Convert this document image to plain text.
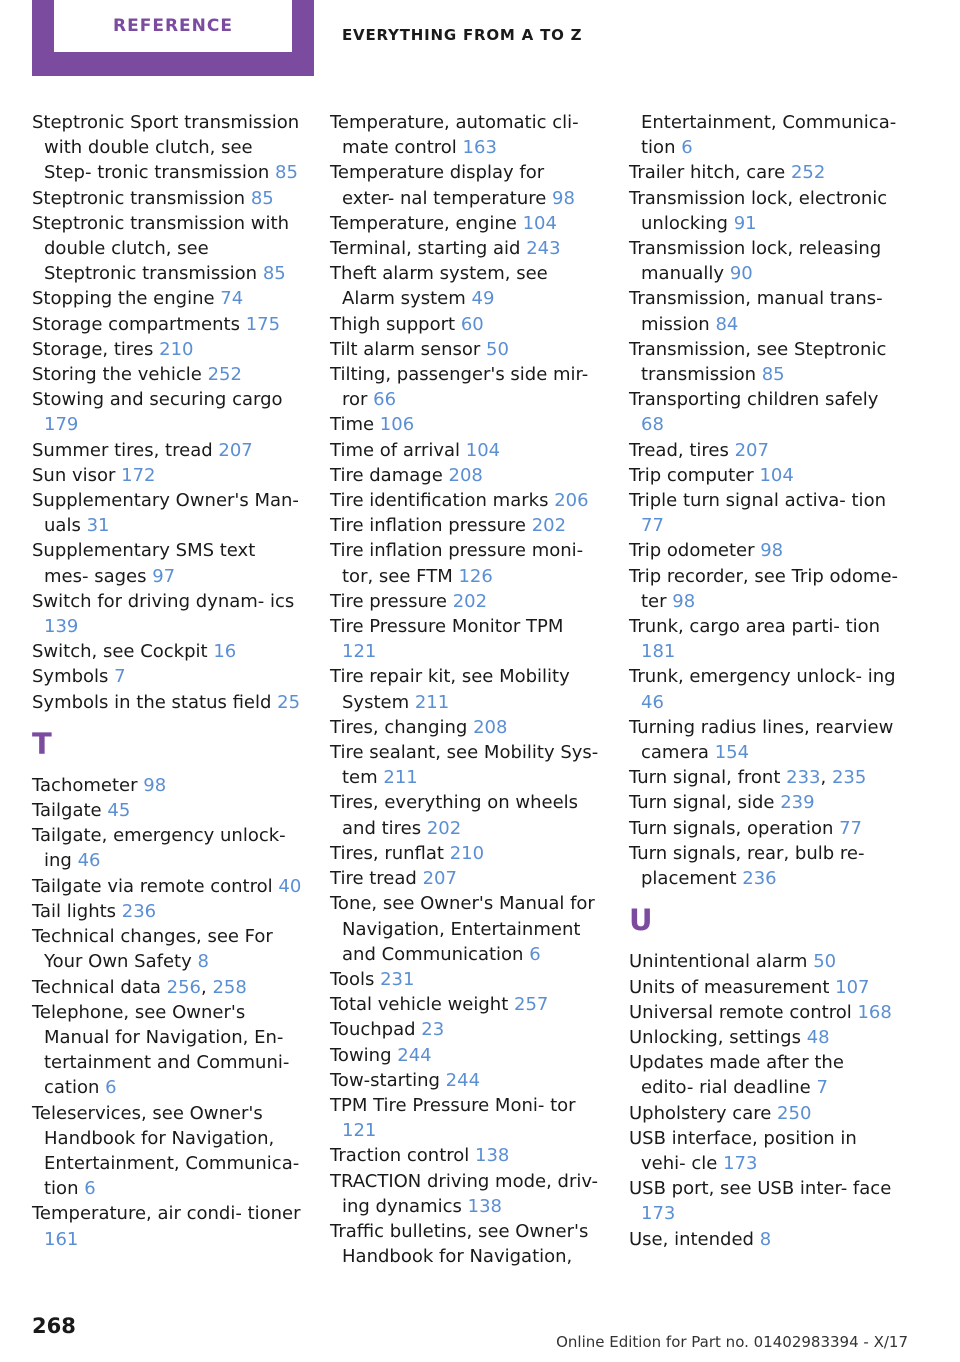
REFERENCE	EVERYTHING FROM A TO Z
Steptronic Sport transmission with double clutch, see Step- tronic transmission 85
Steptronic transmission 85
Steptronic transmission with double clutch, see Steptronic transmission 85
Stopping the engine 74
Storage compartments 175
Storage, tires 210
Storing the vehicle 252
Stowing and securing cargo 179
Summer tires, tread 207
Sun visor 172
Supplementary Owner's Man- uals 31
Supplementary SMS text mes- sages 97
Switch for driving dynam- ics 139
Switch, see Cockpit 16
Symbols 7
Symbols in the status field 25
T
Tachometer 98
Tailgate 45
Tailgate, emergency unlock- ing 46
Tailgate via remote control 40
Tail lights 236
Technical changes, see For Your Own Safety 8
Technical data 256, 258
Telephone, see Owner's Manual for Navigation, En- tertainment and Communi- cation 6
Teleservices, see Owner's Handbook for Navigation, Entertainment, Communica- tion 6
Temperature, air condi- tioner 161
Temperature, automatic cli- mate control 163
Temperature display for exter- nal temperature 98
Temperature, engine 104
Terminal, starting aid 243
Theft alarm system, see Alarm system 49
Thigh support 60
Tilt alarm sensor 50
Tilting, passenger's side mir- ror 66
Time 106
Time of arrival 104
Tire damage 208
Tire identification marks 206
Tire inflation pressure 202
Tire inflation pressure moni- tor, see FTM 126
Tire pressure 202
Tire Pressure Monitor TPM 121
Tire repair kit, see Mobility System 211
Tires, changing 208
Tire sealant, see Mobility Sys- tem 211
Tires, everything on wheels and tires 202
Tires, runflat 210
Tire tread 207
Tone, see Owner's Manual for Navigation, Entertainment and Communication 6
Tools 231
Total vehicle weight 257
Touchpad 23
Towing 244
Tow-starting 244
TPM Tire Pressure Moni- tor 121
Traction control 138
TRACTION driving mode, driv- ing dynamics 138
Traffic bulletins, see Owner's Handbook for Navigation,
Entertainment, Communica- tion 6
Trailer hitch, care 252
Transmission lock, electronic unlocking 91
Transmission lock, releasing manually 90
Transmission, manual trans- mission 84
Transmission, see Steptronic transmission 85
Transporting children safely 68
Tread, tires 207
Trip computer 104
Triple turn signal activa- tion 77
Trip odometer 98
Trip recorder, see Trip odome- ter 98
Trunk, cargo area parti- tion 181
Trunk, emergency unlock- ing 46
Turning radius lines, rearview camera 154
Turn signal, front 233, 235
Turn signal, side 239
Turn signals, operation 77
Turn signals, rear, bulb re- placement 236
U
Unintentional alarm 50
Units of measurement 107
Universal remote control 168
Unlocking, settings 48
Updates made after the edito- rial deadline 7
Upholstery care 250
USB interface, position in vehi- cle 173
USB port, see USB inter- face 173
Use, intended 8
268
Online Edition for Part no. 01402983394 - X/17
